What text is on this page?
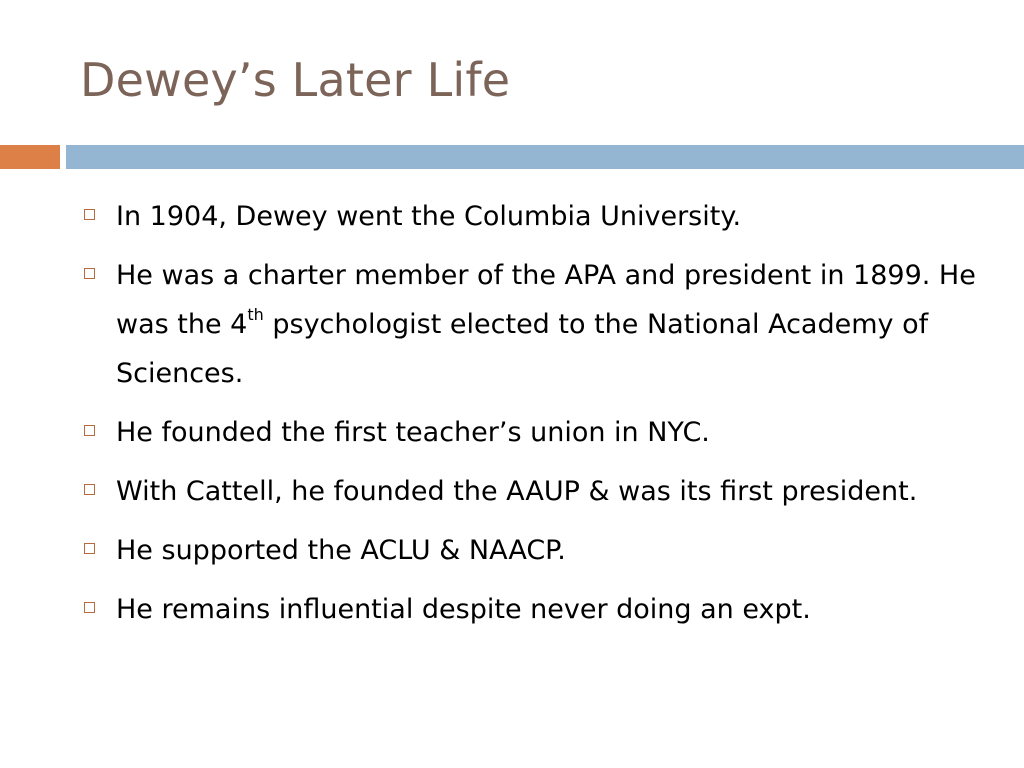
Dewey’s Later Life
In 1904, Dewey went the Columbia University.
He was a charter member of the APA and president in 1899. He was the 4th psychologist elected to the National Academy of Sciences.
He founded the first teacher’s union in NYC.
With Cattell, he founded the AAUP & was its first president.
He supported the ACLU & NAACP.
He remains influential despite never doing an expt.
